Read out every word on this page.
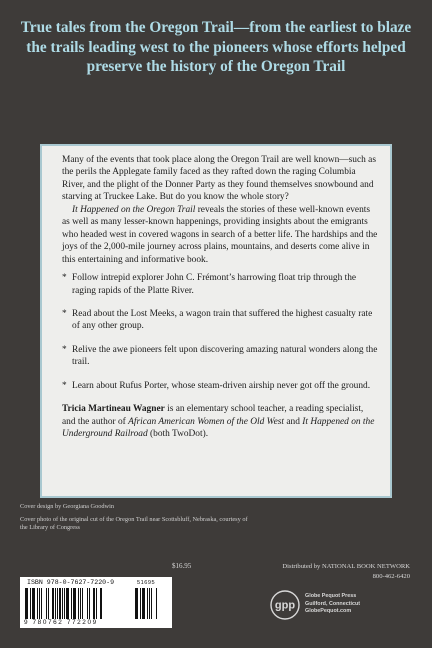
True tales from the Oregon Trail—from the earliest to blaze the trails leading west to the pioneers whose efforts helped preserve the history of the Oregon Trail

Many of the events that took place along the Oregon Trail are well known—such as the perils the Applegate family faced as they rafted down the raging Columbia River, and the plight of the Donner Party as they found themselves snowbound and starving at Truckee Lake. But do you know the whole story?

It Happened on the Oregon Trail reveals the stories of these well-known events as well as many lesser-known happenings, providing insights about the emigrants who headed west in covered wagons in search of a better life. The hardships and the joys of the 2,000-mile journey across plains, mountains, and deserts come alive in this entertaining and informative book.

* Follow intrepid explorer John C. Frémont’s harrowing float trip through the raging rapids of the Platte River.
* Read about the Lost Meeks, a wagon train that suffered the highest casualty rate of any other group.
* Relive the awe pioneers felt upon discovering amazing natural wonders along the trail.
* Learn about Rufus Porter, whose steam-driven airship never got off the ground.

Tricia Martineau Wagner is an elementary school teacher, a reading specialist, and the author of African American Women of the Old West and It Happened on the Underground Railroad (both TwoDot).

Cover design by Georgiana Goodwin
Cover photo of the original cut of the Oregon Trail near Scottsbluff, Nebraska, courtesy of
the Library of Congress
$16.95	Distributed by NATIONAL BOOK NETWORK
800-462-6420
ISBN 978-0-7627-7220-9	51695
9 780762 772209
gpp
Globe Pequot Press
Guilford, Connecticut
GlobePequot.com
